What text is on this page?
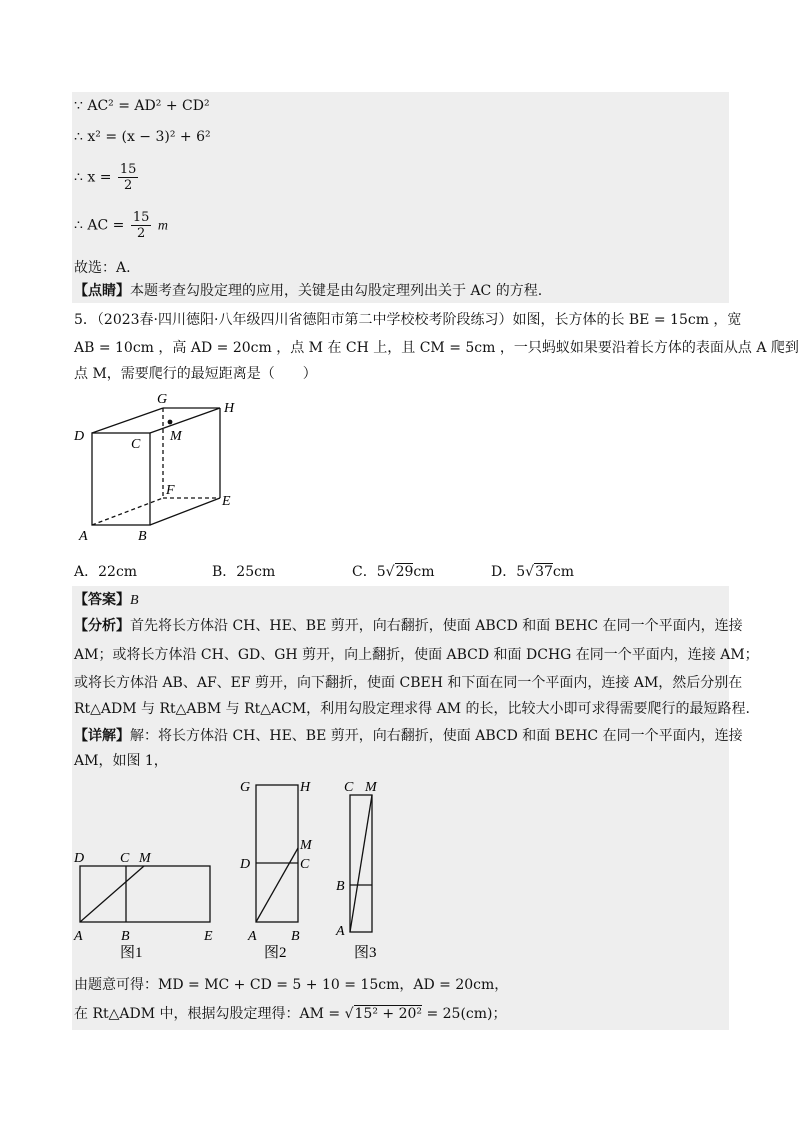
∵ AC² = AD² + CD²
∴ x² = (x − 3)² + 6²
∴ $x = \frac{15}{2}$
∴ AC = $\frac{15}{2}$ m
故选：A.
【点睛】本题考查勾股定理的应用，关键是由勾股定理列出关于 AC 的方程.
5．（2023春·四川德阳·八年级四川省德阳市第二中学校校考阶段练习）如图，长方体的长 BE = 15cm ，宽
AB = 10cm ，高 AD = 20cm ，点 M 在 CH 上，且 CM = 5cm ，一只蚂蚁如果要沿着长方体的表面从点 A 爬到
点 M，需要爬行的最短距离是（　　）
G
H
D
C
M
F
E
A	B
A．22cm	B．25cm	C．5√29cm	D．5√37cm
【答案】B
【分析】首先将长方体沿 CH、HE、BE 剪开，向右翻折，使面 ABCD 和面 BEHC 在同一个平面内，连接
AM；或将长方体沿 CH、GD、GH 剪开，向上翻折，使面 ABCD 和面 DCHG 在同一个平面内，连接 AM；
或将长方体沿 AB、AF、EF 剪开，向下翻折，使面 CBEH 和下面在同一个平面内，连接 AM，然后分别在
Rt△ADM 与 Rt△ABM 与 Rt△ACM，利用勾股定理求得 AM 的长，比较大小即可求得需要爬行的最短路程.
【详解】解：将长方体沿 CH、HE、BE 剪开，向右翻折，使面 ABCD 和面 BEHC 在同一个平面内，连接
AM，如图 1，
D	C M
A	B	E
图1
G	H
M
D	C
A B
图2
C M
B
A
图3
由题意可得：MD = MC + CD = 5 + 10 = 15cm，AD = 20cm，
在 Rt△ADM 中，根据勾股定理得：AM = √15² + 20² = 25(cm)；
